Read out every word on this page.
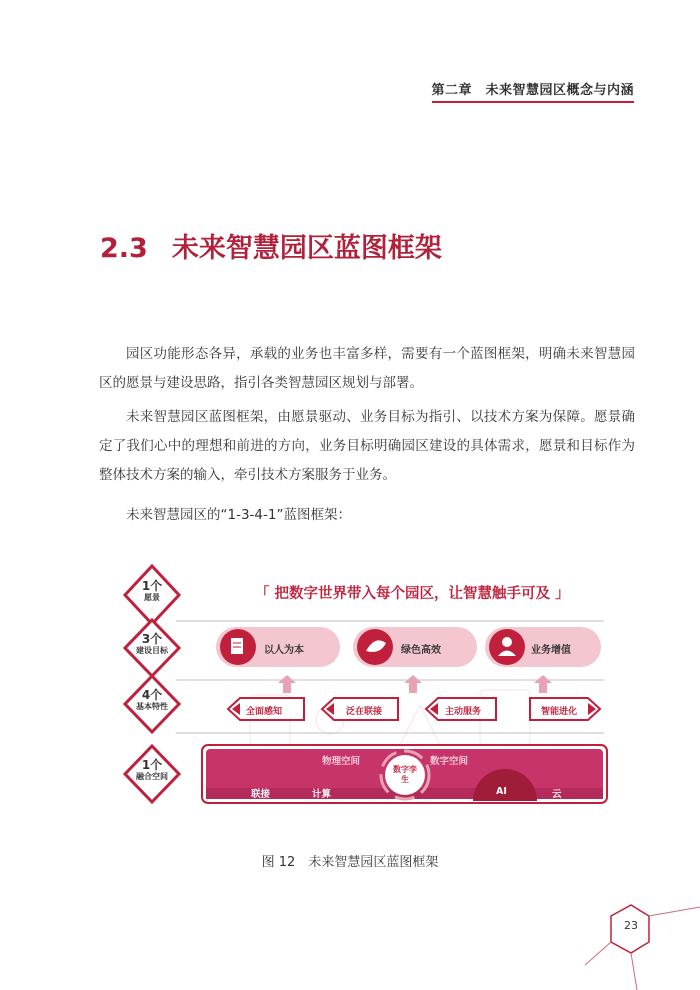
第二章　未来智慧园区概念与内涵
2.3 未来智慧园区蓝图框架

园区功能形态各异，承载的业务也丰富多样，需要有一个蓝图框架，明确未来智慧园区的愿景与建设思路，指引各类智慧园区规划与部署。

未来智慧园区蓝图框架，由愿景驱动、业务目标为指引、以技术方案为保障。愿景确定了我们心中的理想和前进的方向，业务目标明确园区建设的具体需求，愿景和目标作为整体技术方案的输入，牵引技术方案服务于业务。

未来智慧园区的“1-3-4-1”蓝图框架：

1个
愿景
3个
建设目标
4个
基本特性
1个
融合空间
「 把数字世界带入每个园区，让智慧触手可及 」
以人为本	绿色高效	业务增值
全面感知	泛在联接	主动服务	智能进化
物理空间	数字空间
数字孪生
联接	计算	AI	云
图 12　未来智慧园区蓝图框架
23
